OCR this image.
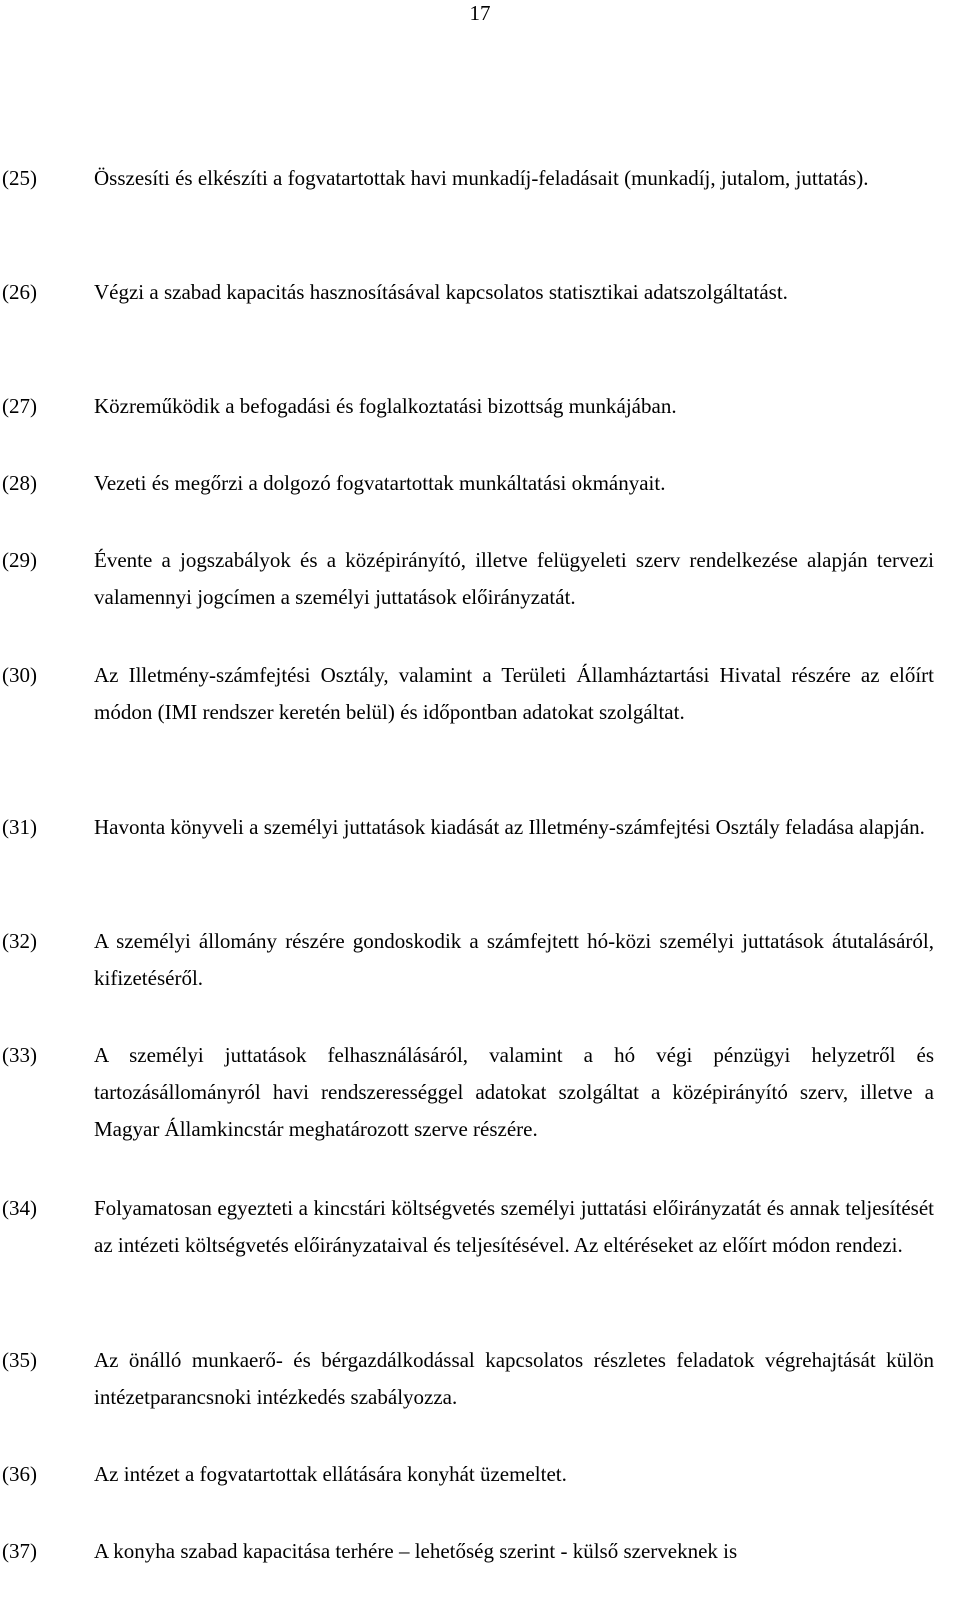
17
(25)	Összesíti és elkészíti a fogvatartottak havi munkadíj-feladásait (munkadíj, jutalom, juttatás).

(26)	Végzi a szabad kapacitás hasznosításával kapcsolatos statisztikai adatszolgáltatást.

(27)	Közreműködik a befogadási és foglalkoztatási bizottság munkájában.

(28)	Vezeti és megőrzi a dolgozó fogvatartottak munkáltatási okmányait.

(29)	Évente a jogszabályok és a középirányító, illetve felügyeleti szerv rendelkezése alapján tervezi valamennyi jogcímen a személyi juttatások előirányzatát.

(30)	Az Illetmény-számfejtési Osztály, valamint a Területi Államháztartási Hivatal részére az előírt módon (IMI rendszer keretén belül) és időpontban adatokat szolgáltat.

(31)	Havonta könyveli a személyi juttatások kiadását az Illetmény-számfejtési Osztály feladása alapján.

(32)	A személyi állomány részére gondoskodik a számfejtett hó-közi személyi juttatások átutalásáról, kifizetéséről.

(33)	A személyi juttatások felhasználásáról, valamint a hó végi pénzügyi helyzetről és tartozásállományról havi rendszerességgel adatokat szolgáltat a középirányító szerv, illetve a Magyar Államkincstár meghatározott szerve részére.

(34)	Folyamatosan egyezteti a kincstári költségvetés személyi juttatási előirányzatát és annak teljesítését az intézeti költségvetés előirányzataival és teljesítésével. Az eltéréseket az előírt módon rendezi.

(35)	Az önálló munkaerő- és bérgazdálkodással kapcsolatos részletes feladatok végrehajtását külön intézetparancsnoki intézkedés szabályozza.

(36)	Az intézet a fogvatartottak ellátására konyhát üzemeltet.

(37)	A konyha szabad kapacitása terhére – lehetőség szerint - külső szerveknek is
